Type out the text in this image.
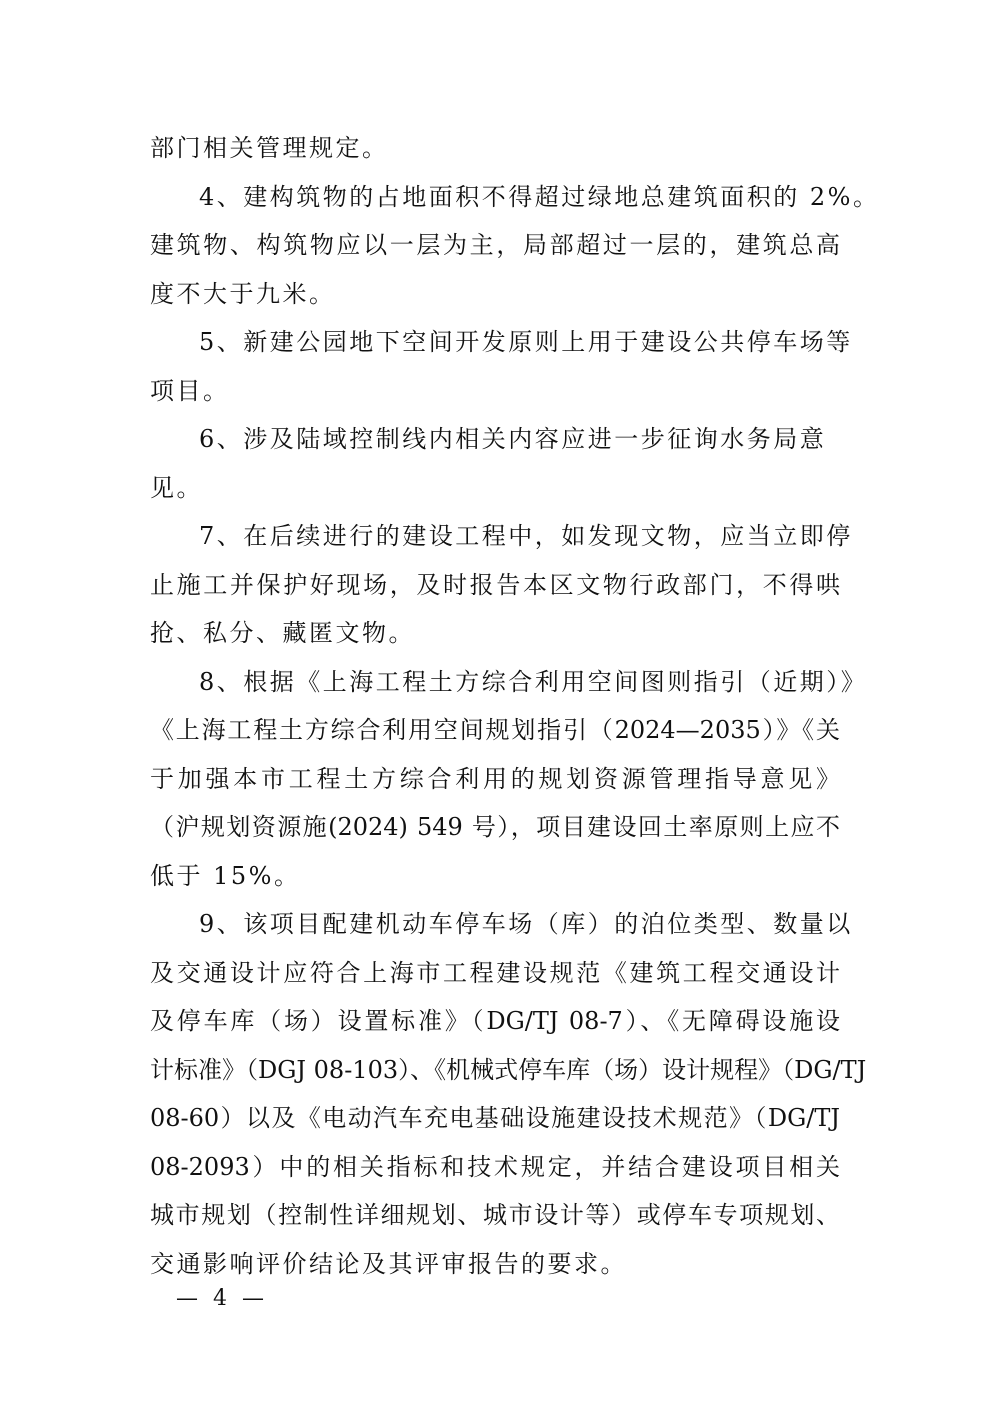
部门相关管理规定。
4、建构筑物的占地面积不得超过绿地总建筑面积的 2%。
建筑物、构筑物应以一层为主，局部超过一层的，建筑总高
度不大于九米。
5、新建公园地下空间开发原则上用于建设公共停车场等
项目。
6、涉及陆域控制线内相关内容应进一步征询水务局意
见。
7、在后续进行的建设工程中，如发现文物，应当立即停
止施工并保护好现场，及时报告本区文物行政部门，不得哄
抢、私分、藏匿文物。
8、根据《上海工程土方综合利用空间图则指引（近期）》
《上海工程土方综合利用空间规划指引（2024—2035）》《关
于加强本市工程土方综合利用的规划资源管理指导意见》
（沪规划资源施(2024) 549 号），项目建设回土率原则上应不
低于 15%。
9、该项目配建机动车停车场（库）的泊位类型、数量以
及交通设计应符合上海市工程建设规范《建筑工程交通设计
及停车库（场）设置标准》（DG/TJ 08-7）、《无障碍设施设
计标准》（DGJ 08-103）、《机械式停车库（场）设计规程》（DG/TJ
08-60）以及《电动汽车充电基础设施建设技术规范》（DG/TJ
08-2093）中的相关指标和技术规定，并结合建设项目相关
城市规划（控制性详细规划、城市设计等）或停车专项规划、
交通影响评价结论及其评审报告的要求。
— 4 —
